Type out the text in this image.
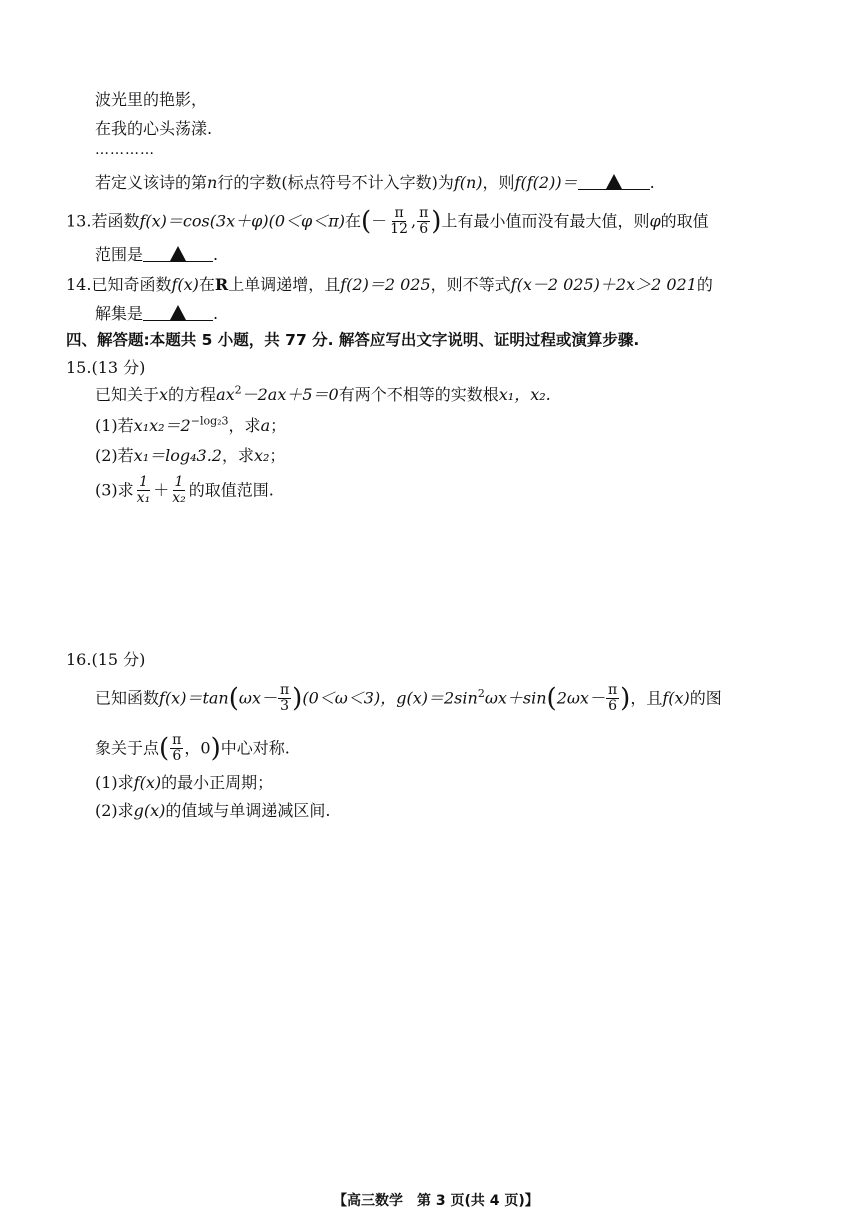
波光里的艳影，
在我的心头荡漾.
…………
若定义该诗的第n行的字数(标点符号不计入字数)为f(n)，则f(f(2))＝	.
13.若函数f(x)＝cos(3x＋φ)(0＜φ＜π)在(－ $\frac{\pi}{12}$ , $\frac{\pi}{6}$ )上有最小值而没有最大值，则φ的取值
范围是	.
14.已知奇函数f(x)在R上单调递增，且f(2)＝2 025，则不等式f(x－2 025)＋2x＞2 021的
解集是	.
四、解答题:本题共 5 小题，共 77 分. 解答应写出文字说明、证明过程或演算步骤.
15.(13 分)
已知关于x的方程$ax^2-2ax+5=0$有两个不相等的实数根x₁，x₂.
(1)若$x_1x_2=2^{-log_23}$，求a；
(2)若x₁＝log₄3.2，求x₂；
(3)求 $\frac{1}{\text{x₁}} + \frac{1}{\text{x₂}}$ 的取值范围.
16.(15 分)
已知函数$f(x)=\tan(\omega x- \frac{\pi}{3} )(0<\omega<3)$，$g(x)=2\sin^2\omega x+\sin(2\omega x- \frac{\pi}{6}$ )，且f(x)的图
象关于点( $\frac{\pi}{6}$ ，0)中心对称.
(1)求f(x)的最小正周期；
(2)求g(x)的值域与单调递减区间.
【高三数学　第 3 页(共 4 页)】
